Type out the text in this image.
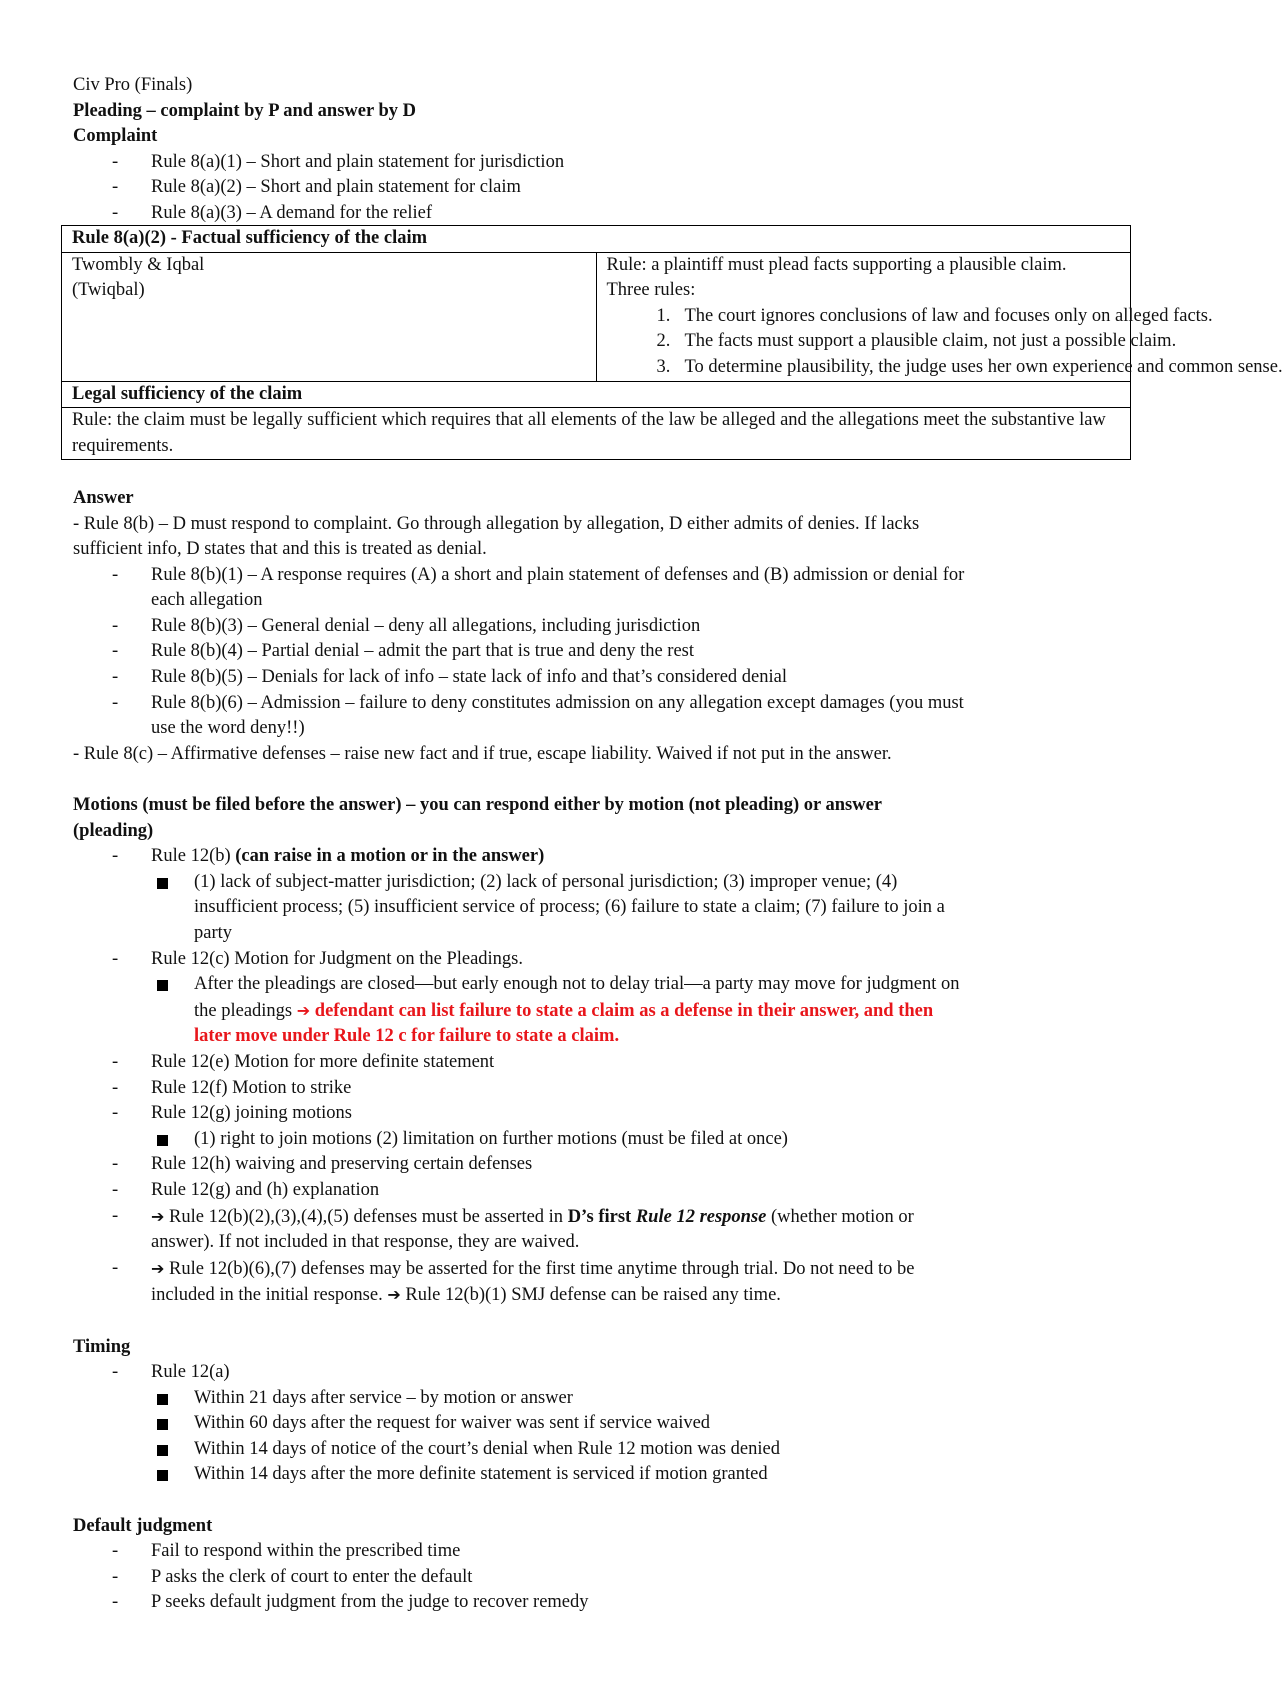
Civ Pro (Finals)
Pleading – complaint by P and answer by D
Complaint
- Rule 8(a)(1) – Short and plain statement for jurisdiction
- Rule 8(a)(2) – Short and plain statement for claim
- Rule 8(a)(3) – A demand for the relief
Rule 8(a)(2) - Factual sufficiency of the claim

Twombly & Iqbal
(Twiqbal)

Rule: a plaintiff must plead facts supporting a plausible claim.
Three rules:
1. The court ignores conclusions of law and focuses only on alleged facts.
2. The facts must support a plausible claim, not just a possible claim.
3. To determine plausibility, the judge uses her own experience and common sense.

Legal sufficiency of the claim
Rule: the claim must be legally sufficient which requires that all elements of the law be alleged and the allegations meet the substantive law requirements.
Answer
- Rule 8(b) – D must respond to complaint. Go through allegation by allegation, D either admits of denies. If lacks
sufficient info, D states that and this is treated as denial.
- Rule 8(b)(1) – A response requires (A) a short and plain statement of defenses and (B) admission or denial for
each allegation
- Rule 8(b)(3) – General denial – deny all allegations, including jurisdiction
- Rule 8(b)(4) – Partial denial – admit the part that is true and deny the rest
- Rule 8(b)(5) – Denials for lack of info – state lack of info and that’s considered denial
- Rule 8(b)(6) – Admission – failure to deny constitutes admission on any allegation except damages (you must
use the word deny!!)
- Rule 8(c) – Affirmative defenses – raise new fact and if true, escape liability. Waived if not put in the answer.
Motions (must be filed before the answer) – you can respond either by motion (not pleading) or answer
(pleading)
- Rule 12(b) (can raise in a motion or in the answer)
(1) lack of subject-matter jurisdiction; (2) lack of personal jurisdiction; (3) improper venue; (4)
insufficient process; (5) insufficient service of process; (6) failure to state a claim; (7) failure to join a
party
- Rule 12(c) Motion for Judgment on the Pleadings.
After the pleadings are closed—but early enough not to delay trial—a party may move for judgment on
the pleadings ➔ defendant can list failure to state a claim as a defense in their answer, and then
later move under Rule 12 c for failure to state a claim.
- Rule 12(e) Motion for more definite statement
- Rule 12(f) Motion to strike
- Rule 12(g) joining motions
(1) right to join motions (2) limitation on further motions (must be filed at once)
- Rule 12(h) waiving and preserving certain defenses
- Rule 12(g) and (h) explanation
- ➔ Rule 12(b)(2),(3),(4),(5) defenses must be asserted in D’s first Rule 12 response (whether motion or
answer). If not included in that response, they are waived.
- ➔ Rule 12(b)(6),(7) defenses may be asserted for the first time anytime through trial. Do not need to be
included in the initial response. ➔ Rule 12(b)(1) SMJ defense can be raised any time.
Timing
- Rule 12(a)
Within 21 days after service – by motion or answer
Within 60 days after the request for waiver was sent if service waived
Within 14 days of notice of the court’s denial when Rule 12 motion was denied
Within 14 days after the more definite statement is serviced if motion granted
Default judgment
- Fail to respond within the prescribed time
- P asks the clerk of court to enter the default
- P seeks default judgment from the judge to recover remedy
